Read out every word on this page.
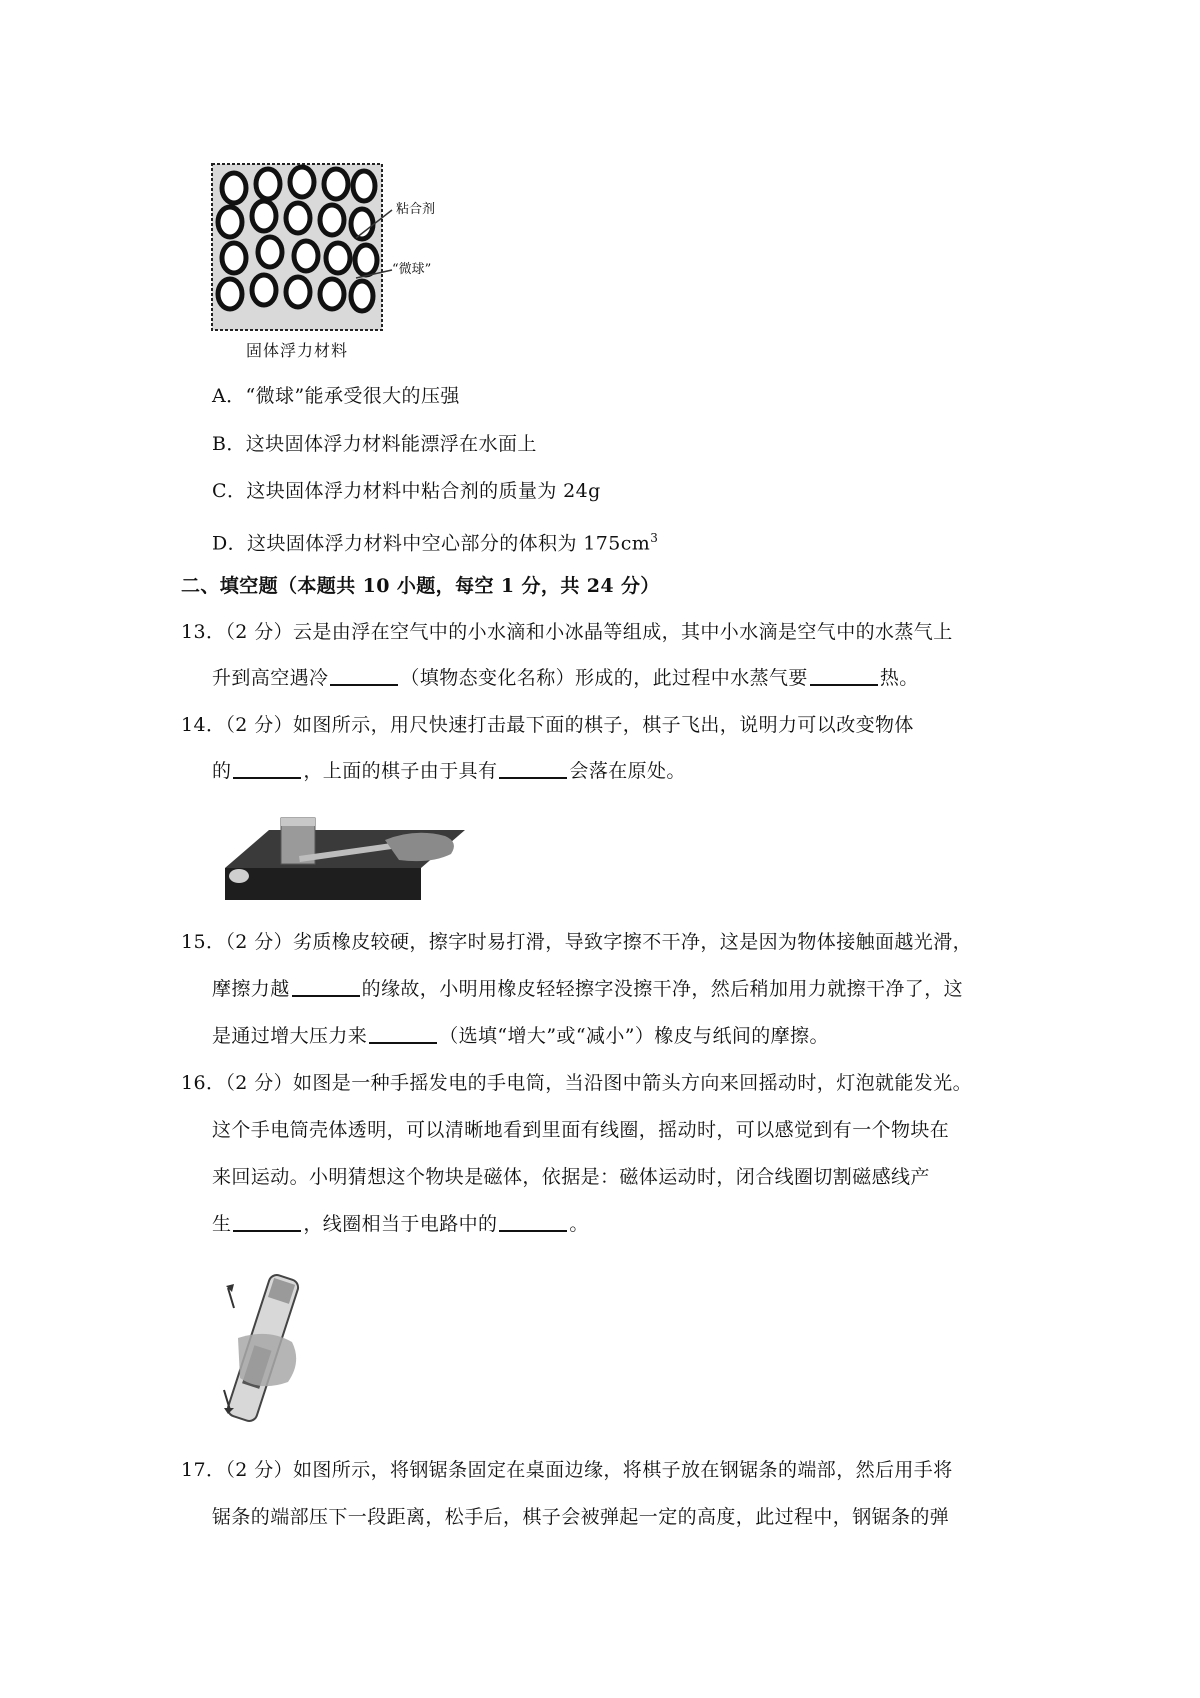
粘合剂
“微球”
固体浮力材料
A．“微球”能承受很大的压强
B．这块固体浮力材料能漂浮在水面上
C．这块固体浮力材料中粘合剂的质量为 24g
D．这块固体浮力材料中空心部分的体积为 $175cm^3$
二、填空题（本题共 10 小题，每空 1 分，共 24 分）
13．（2 分）云是由浮在空气中的小水滴和小冰晶等组成，其中小水滴是空气中的水蒸气上
升到高空遇冷	（填物态变化名称）形成的，此过程中水蒸气要	热。
14．（2 分）如图所示，用尺快速打击最下面的棋子，棋子飞出，说明力可以改变物体
的	，上面的棋子由于具有	会落在原处。
15．（2 分）劣质橡皮较硬，擦字时易打滑，导致字擦不干净，这是因为物体接触面越光滑，
摩擦力越	的缘故，小明用橡皮轻轻擦字没擦干净，然后稍加用力就擦干净了，这
是通过增大压力来	（选填“增大”或“减小”）橡皮与纸间的摩擦。
16．（2 分）如图是一种手摇发电的手电筒，当沿图中箭头方向来回摇动时，灯泡就能发光。
这个手电筒壳体透明，可以清晰地看到里面有线圈，摇动时，可以感觉到有一个物块在
来回运动。小明猜想这个物块是磁体，依据是：磁体运动时，闭合线圈切割磁感线产
生	，线圈相当于电路中的	。
17．（2 分）如图所示，将钢锯条固定在桌面边缘，将棋子放在钢锯条的端部，然后用手将
锯条的端部压下一段距离，松手后，棋子会被弹起一定的高度，此过程中，钢锯条的弹
